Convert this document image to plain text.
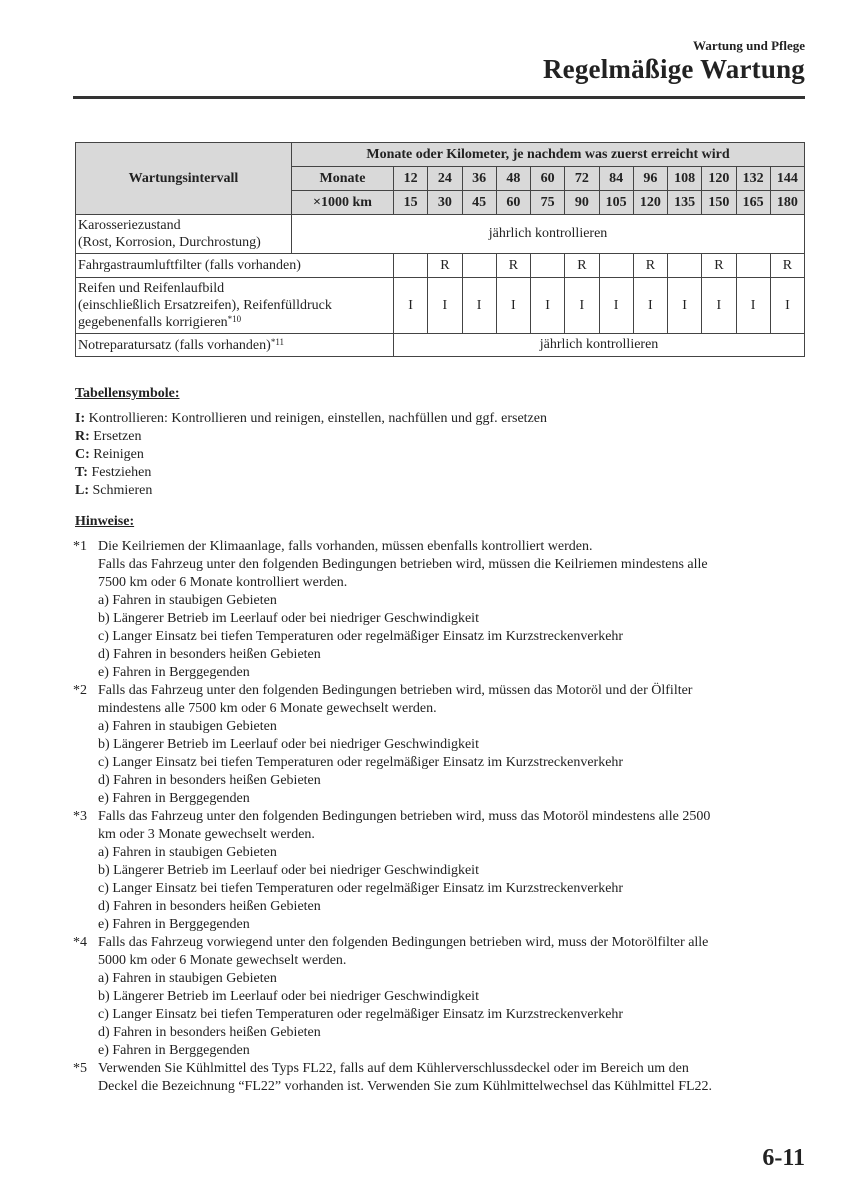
Wartung und Pflege
Regelmäßige Wartung
Wartungsintervall	Monate oder Kilometer, je nachdem was zuerst erreicht wird												
	Monate	12	24	36	48	60	72	84	96	108	120	132	144
	×1000 km	15	30	45	60	75	90	105	120	135	150	165	180
Karosseriezustand
(Rost, Korrosion, Durchrostung)	jährlich kontrollieren												
Fahrgastraumluftfilter (falls vorhanden)			R		R		R		R		R		R
Reifen und Reifenlaufbild
(einschließlich Ersatzreifen), Reifenfülldruck
gegebenenfalls korrigieren$^{*10}$		I	I	I	I	I	I	I	I	I	I	I	I
Notreparatursatz (falls vorhanden)$^{*11}$		jährlich kontrollieren											
Tabellensymbole:
I: Kontrollieren: Kontrollieren und reinigen, einstellen, nachfüllen und ggf. ersetzen
R: Ersetzen
C: Reinigen
T: Festziehen
L: Schmieren
Hinweise:
*1 Die Keilriemen der Klimaanlage, falls vorhanden, müssen ebenfalls kontrolliert werden.
Falls das Fahrzeug unter den folgenden Bedingungen betrieben wird, müssen die Keilriemen mindestens alle
7500 km oder 6 Monate kontrolliert werden.
a) Fahren in staubigen Gebieten
b) Längerer Betrieb im Leerlauf oder bei niedriger Geschwindigkeit
c) Langer Einsatz bei tiefen Temperaturen oder regelmäßiger Einsatz im Kurzstreckenverkehr
d) Fahren in besonders heißen Gebieten
e) Fahren in Berggegenden
*2 Falls das Fahrzeug unter den folgenden Bedingungen betrieben wird, müssen das Motoröl und der Ölfilter
mindestens alle 7500 km oder 6 Monate gewechselt werden.
a) Fahren in staubigen Gebieten
b) Längerer Betrieb im Leerlauf oder bei niedriger Geschwindigkeit
c) Langer Einsatz bei tiefen Temperaturen oder regelmäßiger Einsatz im Kurzstreckenverkehr
d) Fahren in besonders heißen Gebieten
e) Fahren in Berggegenden
*3 Falls das Fahrzeug unter den folgenden Bedingungen betrieben wird, muss das Motoröl mindestens alle 2500
km oder 3 Monate gewechselt werden.
a) Fahren in staubigen Gebieten
b) Längerer Betrieb im Leerlauf oder bei niedriger Geschwindigkeit
c) Langer Einsatz bei tiefen Temperaturen oder regelmäßiger Einsatz im Kurzstreckenverkehr
d) Fahren in besonders heißen Gebieten
e) Fahren in Berggegenden
*4 Falls das Fahrzeug vorwiegend unter den folgenden Bedingungen betrieben wird, muss der Motorölfilter alle
5000 km oder 6 Monate gewechselt werden.
a) Fahren in staubigen Gebieten
b) Längerer Betrieb im Leerlauf oder bei niedriger Geschwindigkeit
c) Langer Einsatz bei tiefen Temperaturen oder regelmäßiger Einsatz im Kurzstreckenverkehr
d) Fahren in besonders heißen Gebieten
e) Fahren in Berggegenden
*5 Verwenden Sie Kühlmittel des Typs FL22, falls auf dem Kühlerverschlussdeckel oder im Bereich um den
Deckel die Bezeichnung “FL22” vorhanden ist. Verwenden Sie zum Kühlmittelwechsel das Kühlmittel FL22.
6-11
